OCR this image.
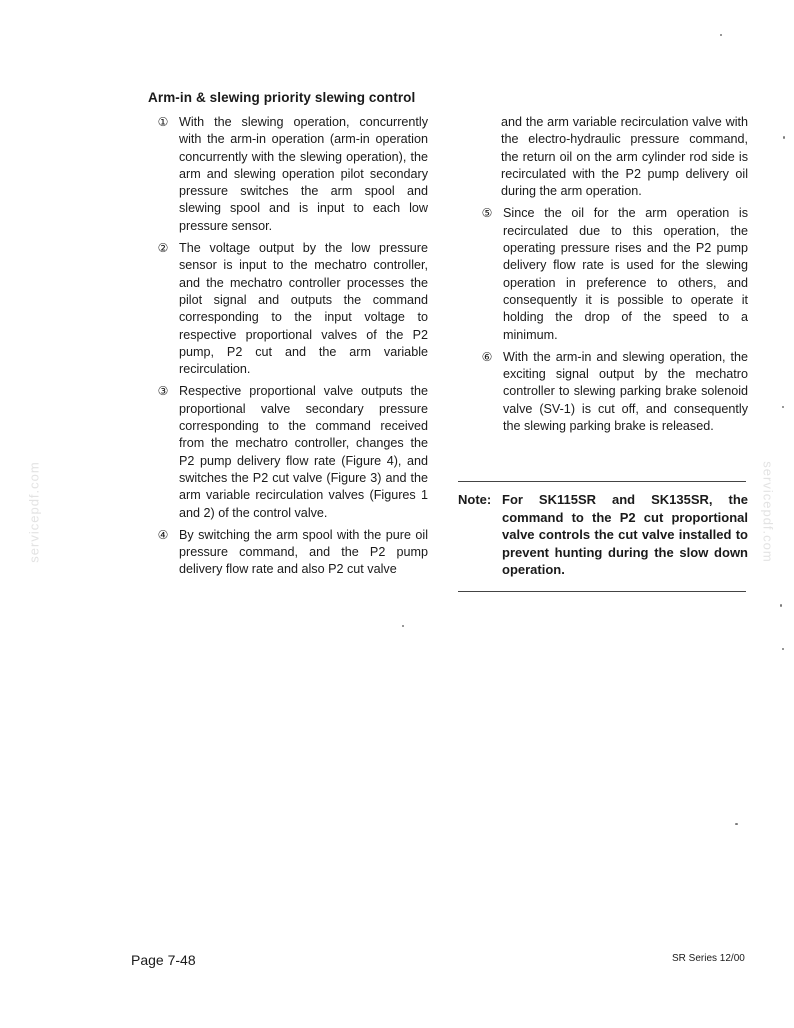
servicepdf.com	servicepdf.com
Arm-in & slewing priority slewing control
① With the slewing operation, concurrently with the arm-in operation (arm-in operation concurrently with the slewing operation), the arm and slewing operation pilot secondary pressure switches the arm spool and slewing spool and is input to each low pressure sensor.
② The voltage output by the low pressure sensor is input to the mechatro controller, and the mechatro controller processes the pilot signal and outputs the command corresponding to the input voltage to respective proportional valves of the P2 pump, P2 cut and the arm variable recirculation.
③ Respective proportional valve outputs the proportional valve secondary pressure corresponding to the command received from the mechatro controller, changes the P2 pump delivery flow rate (Figure 4), and switches the P2 cut valve (Figure 3) and the arm variable recirculation valves (Figures 1 and 2) of the control valve.
④ By switching the arm spool with the pure oil pressure command, and the P2 pump delivery flow rate and also P2 cut valve
and the arm variable recirculation valve with the electro-hydraulic pressure command, the return oil on the arm cylinder rod side is recirculated with the P2 pump delivery oil during the arm operation.
⑤ Since the oil for the arm operation is recirculated due to this operation, the operating pressure rises and the P2 pump delivery flow rate is used for the slewing operation in preference to others, and consequently it is possible to operate it holding the drop of the speed to a minimum.
⑥ With the arm-in and slewing operation, the exciting signal output by the mechatro controller to slewing parking brake solenoid valve (SV-1) is cut off, and consequently the slewing parking brake is released.
Note: For SK115SR and SK135SR, the command to the P2 cut proportional valve controls the cut valve installed to prevent hunting during the slow down operation.
Page 7-48	SR Series 12/00
